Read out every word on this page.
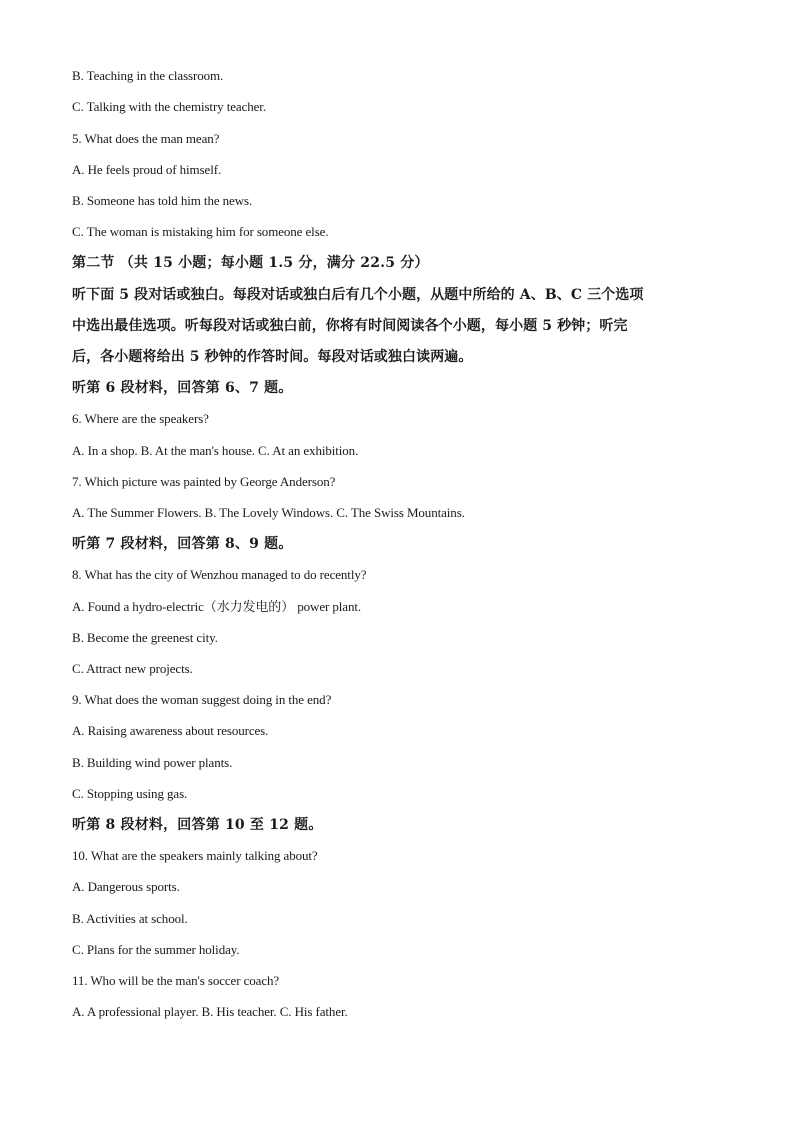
B. Teaching in the classroom.
C. Talking with the chemistry teacher.
5. What does the man mean?
A. He feels proud of himself.
B. Someone has told him the news.
C. The woman is mistaking him for someone else.
第二节 （共 15 小题；每小题 1.5 分，满分 22.5 分）
听下面 5 段对话或独白。每段对话或独白后有几个小题，从题中所给的 A、B、C 三个选项
中选出最佳选项。听每段对话或独白前，你将有时间阅读各个小题，每小题 5 秒钟；听完
后，各小题将给出 5 秒钟的作答时间。每段对话或独白读两遍。
听第 6 段材料，回答第 6、7 题。
6. Where are the speakers?
A. In a shop. B. At the man's house. C. At an exhibition.
7. Which picture was painted by George Anderson?
A. The Summer Flowers. B. The Lovely Windows. C. The Swiss Mountains.
听第 7 段材料，回答第 8、9 题。
8. What has the city of Wenzhou managed to do recently?
A. Found a hydro-electric（水力发电的） power plant.
B. Become the greenest city.
C. Attract new projects.
9. What does the woman suggest doing in the end?
A. Raising awareness about resources.
B. Building wind power plants.
C. Stopping using gas.
听第 8 段材料，回答第 10 至 12 题。
10. What are the speakers mainly talking about?
A. Dangerous sports.
B. Activities at school.
C. Plans for the summer holiday.
11. Who will be the man's soccer coach?
A. A professional player. B. His teacher. C. His father.
